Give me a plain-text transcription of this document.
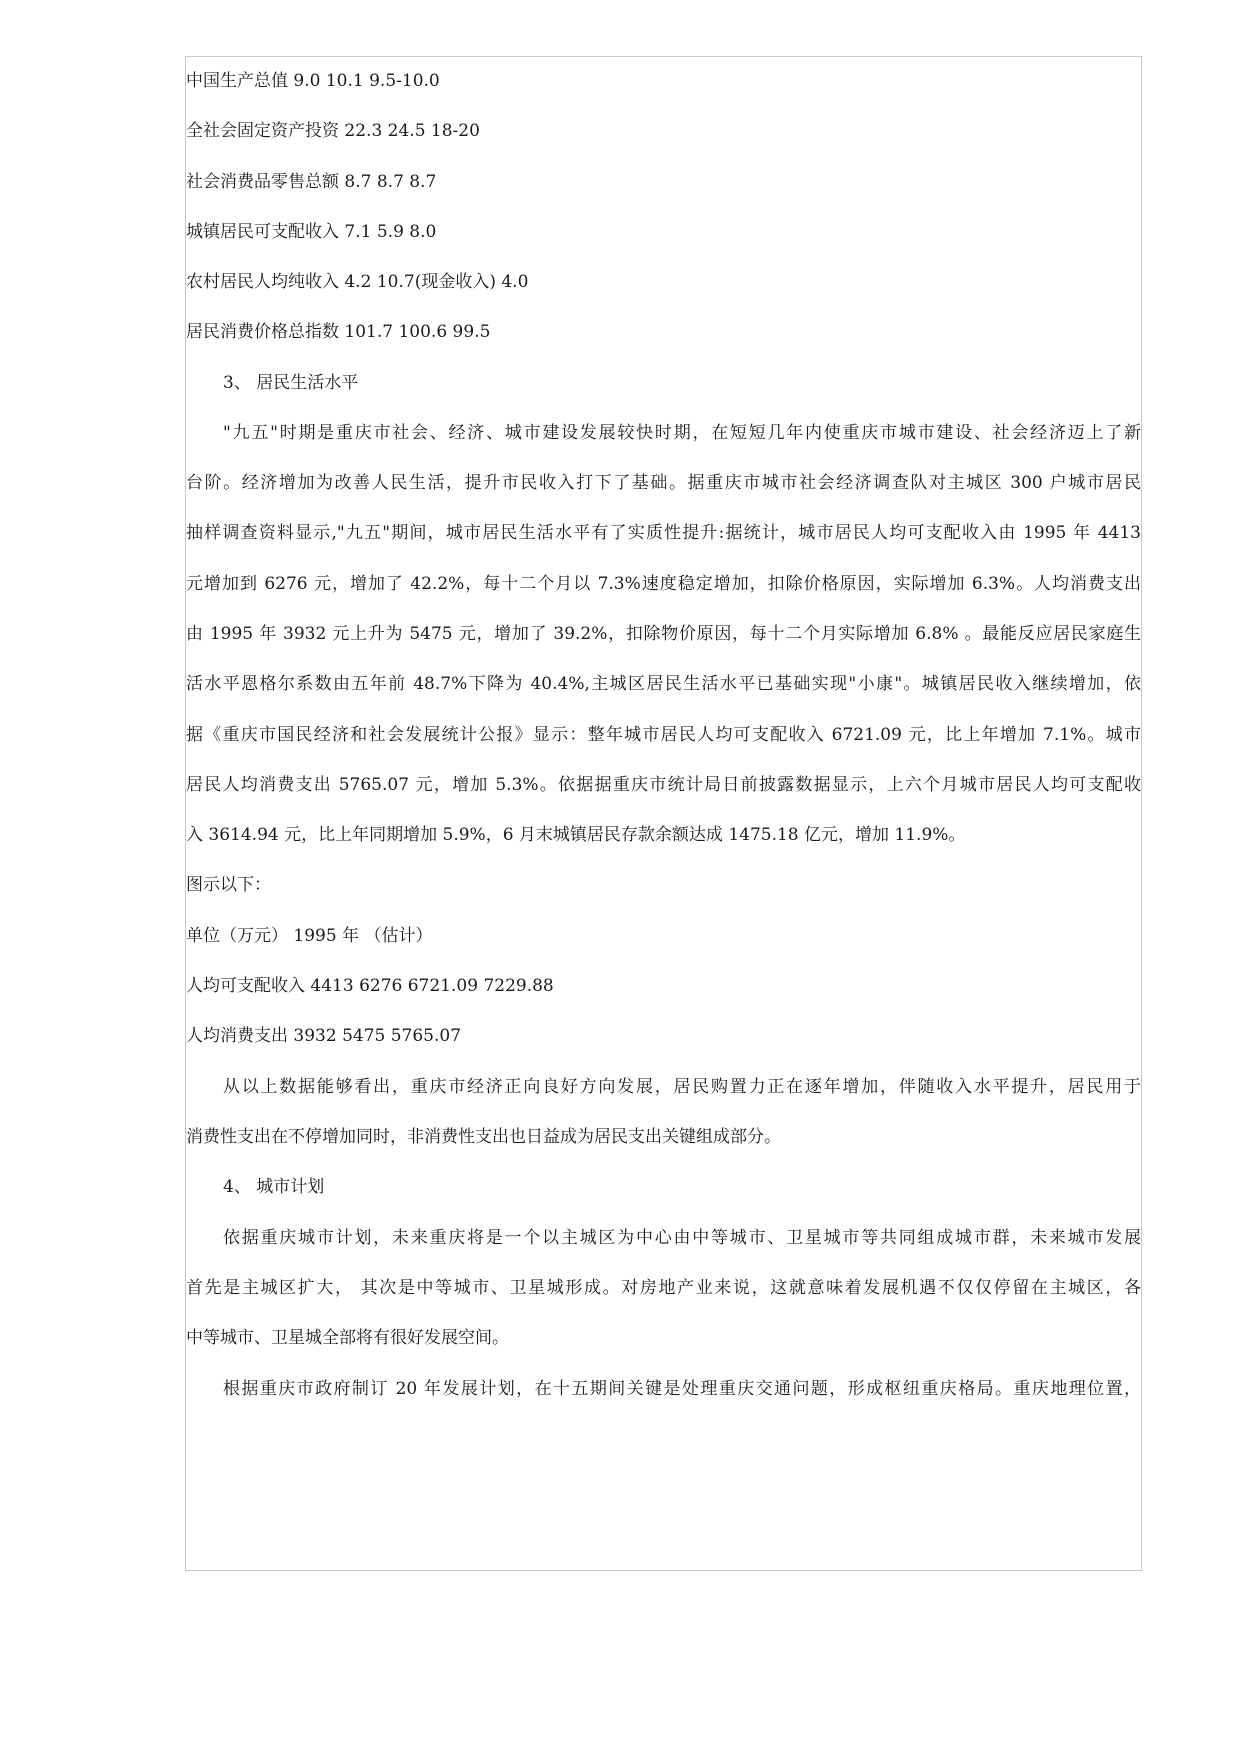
中国生产总值 9.0 10.1 9.5-10.0
全社会固定资产投资 22.3 24.5 18-20
社会消费品零售总额 8.7 8.7 8.7
城镇居民可支配收入 7.1 5.9 8.0
农村居民人均纯收入 4.2 10.7(现金收入) 4.0
居民消费价格总指数 101.7 100.6 99.5
3、 居民生活水平
"九五"时期是重庆市社会、经济、城市建设发展较快时期，在短短几年内使重庆市城市建设、社会经济迈上了新
台阶。经济增加为改善人民生活，提升市民收入打下了基础。据重庆市城市社会经济调查队对主城区 300 户城市居民
抽样调查资料显示,"九五"期间，城市居民生活水平有了实质性提升:据统计，城市居民人均可支配收入由 1995 年 4413
元增加到 6276 元，增加了 42.2%，每十二个月以 7.3%速度稳定增加，扣除价格原因，实际增加 6.3%。人均消费支出
由 1995 年 3932 元上升为 5475 元，增加了 39.2%，扣除物价原因，每十二个月实际增加 6.8% 。最能反应居民家庭生
活水平恩格尔系数由五年前 48.7%下降为 40.4%,主城区居民生活水平已基础实现"小康"。城镇居民收入继续增加，依
据《重庆市国民经济和社会发展统计公报》显示：整年城市居民人均可支配收入 6721.09 元，比上年增加 7.1%。城市
居民人均消费支出 5765.07 元，增加 5.3%。依据据重庆市统计局日前披露数据显示，上六个月城市居民人均可支配收
入 3614.94 元，比上年同期增加 5.9%，6 月末城镇居民存款余额达成 1475.18 亿元，增加 11.9%。
图示以下：
单位（万元） 1995 年 （估计）
人均可支配收入 4413 6276 6721.09 7229.88
人均消费支出 3932 5475 5765.07
从以上数据能够看出，重庆市经济正向良好方向发展，居民购置力正在逐年增加，伴随收入水平提升，居民用于
消费性支出在不停增加同时，非消费性支出也日益成为居民支出关键组成部分。
4、 城市计划
依据重庆城市计划，未来重庆将是一个以主城区为中心由中等城市、卫星城市等共同组成城市群，未来城市发展
首先是主城区扩大， 其次是中等城市、卫星城形成。对房地产业来说，这就意味着发展机遇不仅仅停留在主城区，各
中等城市、卫星城全部将有很好发展空间。
根据重庆市政府制订 20 年发展计划，在十五期间关键是处理重庆交通问题，形成枢纽重庆格局。重庆地理位置，
